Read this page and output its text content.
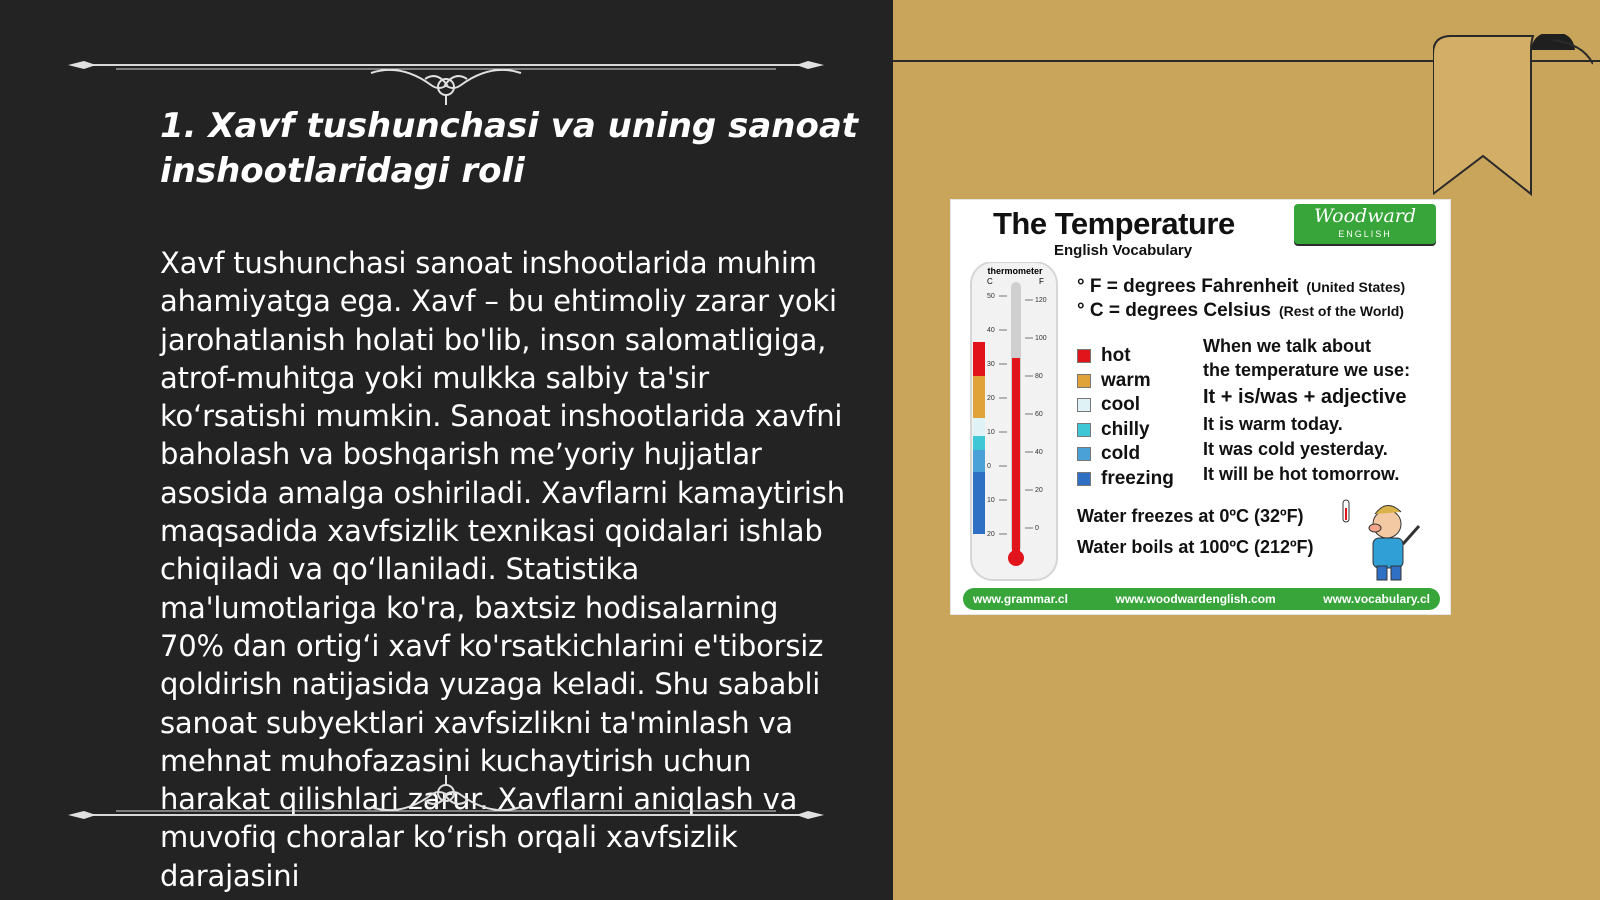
1. Xavf tushunchasi va uning sanoat inshootlaridagi roli

Xavf tushunchasi sanoat inshootlarida muhim ahamiyatga ega. Xavf – bu ehtimoliy zarar yoki jarohatlanish holati bo'lib, inson salomatligiga, atrof-muhitga yoki mulkka salbiy ta'sir ko‘rsatishi mumkin. Sanoat inshootlarida xavfni baholash va boshqarish me’yoriy hujjatlar asosida amalga oshiriladi. Xavflarni kamaytirish maqsadida xavfsizlik texnikasi qoidalari ishlab chiqiladi va qo‘llaniladi. Statistika ma'lumotlariga ko'ra, baxtsiz hodisalarning 70% dan ortig‘i xavf ko'rsatkichlarini e'tiborsiz qoldirish natijasida yuzaga keladi. Shu sababli sanoat subyektlari xavfsizlikni ta'minlash va mehnat muhofazasini kuchaytirish uchun harakat qilishlari zarur. Xavflarni aniqlash va muvofiq choralar ko‘rish orqali xavfsizlik darajasini

The Temperature
English Vocabulary
Woodward
ENGLISH
thermometer
C	F
50
40
30
20
10
0
10
20
120
100
80
60
40
20
0
° F = degrees Fahrenheit (United States)
° C = degrees Celsius (Rest of the World)
hot
warm
cool
chilly
cold
freezing
When we talk about
the temperature we use:
It + is/was + adjective
It is warm today.
It was cold yesterday.
It will be hot tomorrow.
Water freezes at 0ºC (32ºF)
Water boils at 100ºC (212ºF)
www.grammar.cl	www.woodwardenglish.com	www.vocabulary.cl
